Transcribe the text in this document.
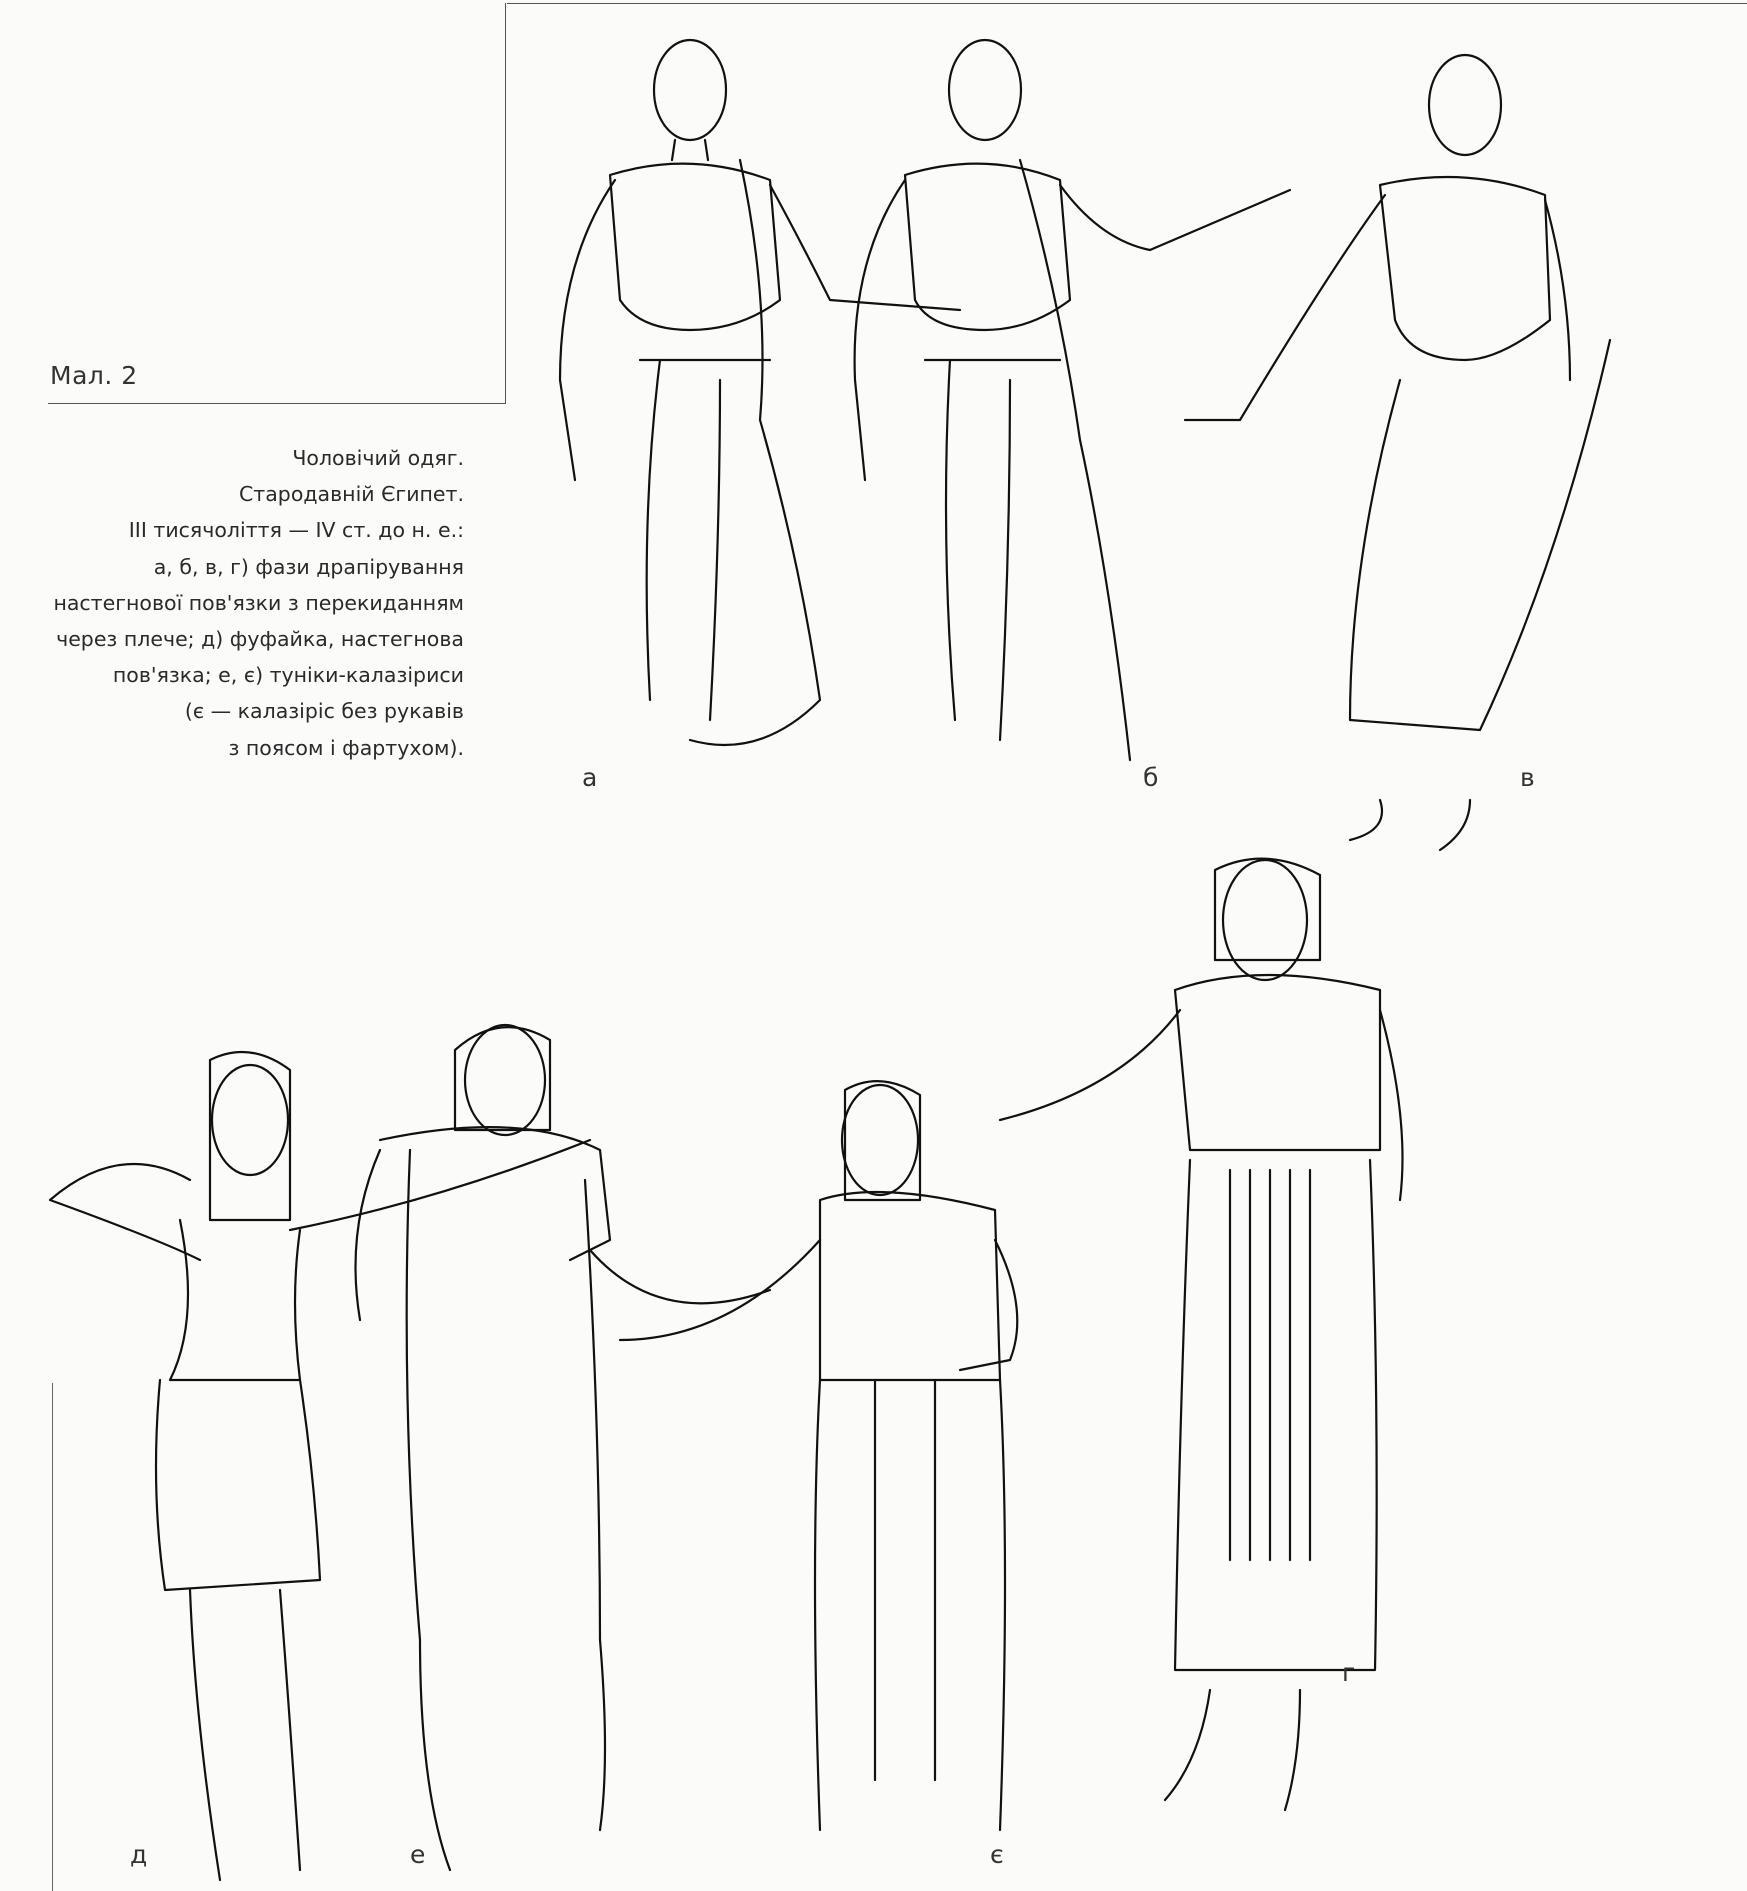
Мал. 2
Чоловічий одяг.
Стародавній Єгипет.
III тисячоліття — IV ст. до н. е.:
а, б, в, г) фази драпірування
настегнової пов'язки з перекиданням
через плече; д) фуфайка, настегнова
пов'язка; е, є) туніки-калазіриси
(є — калазіріс без рукавів
з поясом і фартухом).
а	б	в
г
д	е	є
